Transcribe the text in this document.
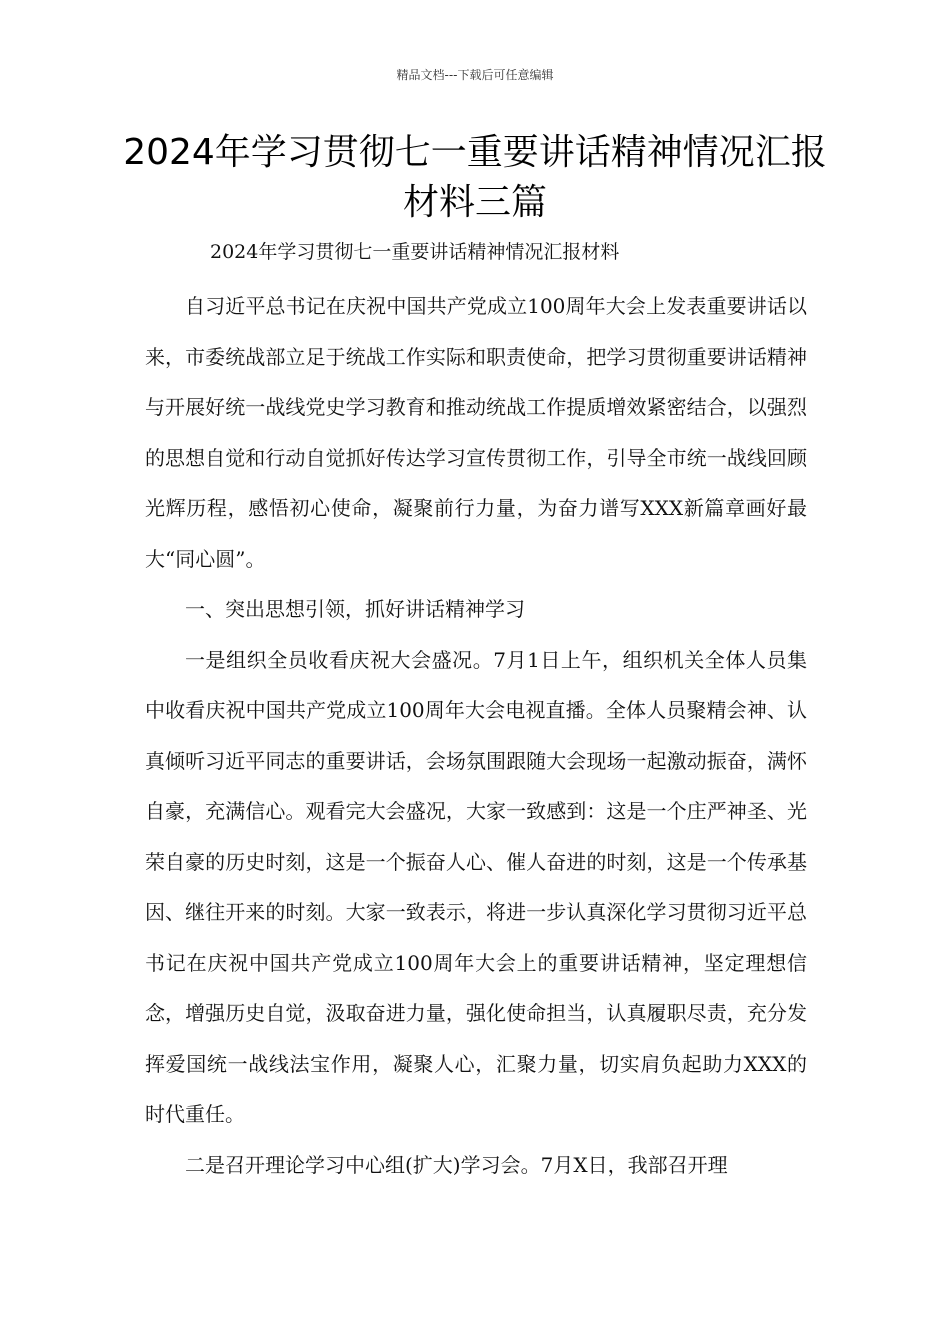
精品文档---下载后可任意编辑
2024年学习贯彻七一重要讲话精神情况汇报材料三篇
2024年学习贯彻七一重要讲话精神情况汇报材料

自习近平总书记在庆祝中国共产党成立100周年大会上发表重要讲话以来，市委统战部立足于统战工作实际和职责使命，把学习贯彻重要讲话精神与开展好统一战线党史学习教育和推动统战工作提质增效紧密结合，以强烈的思想自觉和行动自觉抓好传达学习宣传贯彻工作，引导全市统一战线回顾光辉历程，感悟初心使命，凝聚前行力量，为奋力谱写XXX新篇章画好最大“同心圆”。

一、突出思想引领，抓好讲话精神学习

一是组织全员收看庆祝大会盛况。7月1日上午，组织机关全体人员集中收看庆祝中国共产党成立100周年大会电视直播。全体人员聚精会神、认真倾听习近平同志的重要讲话，会场氛围跟随大会现场一起激动振奋，满怀自豪，充满信心。观看完大会盛况，大家一致感到：这是一个庄严神圣、光荣自豪的历史时刻，这是一个振奋人心、催人奋进的时刻，这是一个传承基因、继往开来的时刻。大家一致表示，将进一步认真深化学习贯彻习近平总书记在庆祝中国共产党成立100周年大会上的重要讲话精神，坚定理想信念，增强历史自觉，汲取奋进力量，强化使命担当，认真履职尽责，充分发挥爱国统一战线法宝作用，凝聚人心，汇聚力量，切实肩负起助力XXX的时代重任。

二是召开理论学习中心组(扩大)学习会。7月X日，我部召开理
